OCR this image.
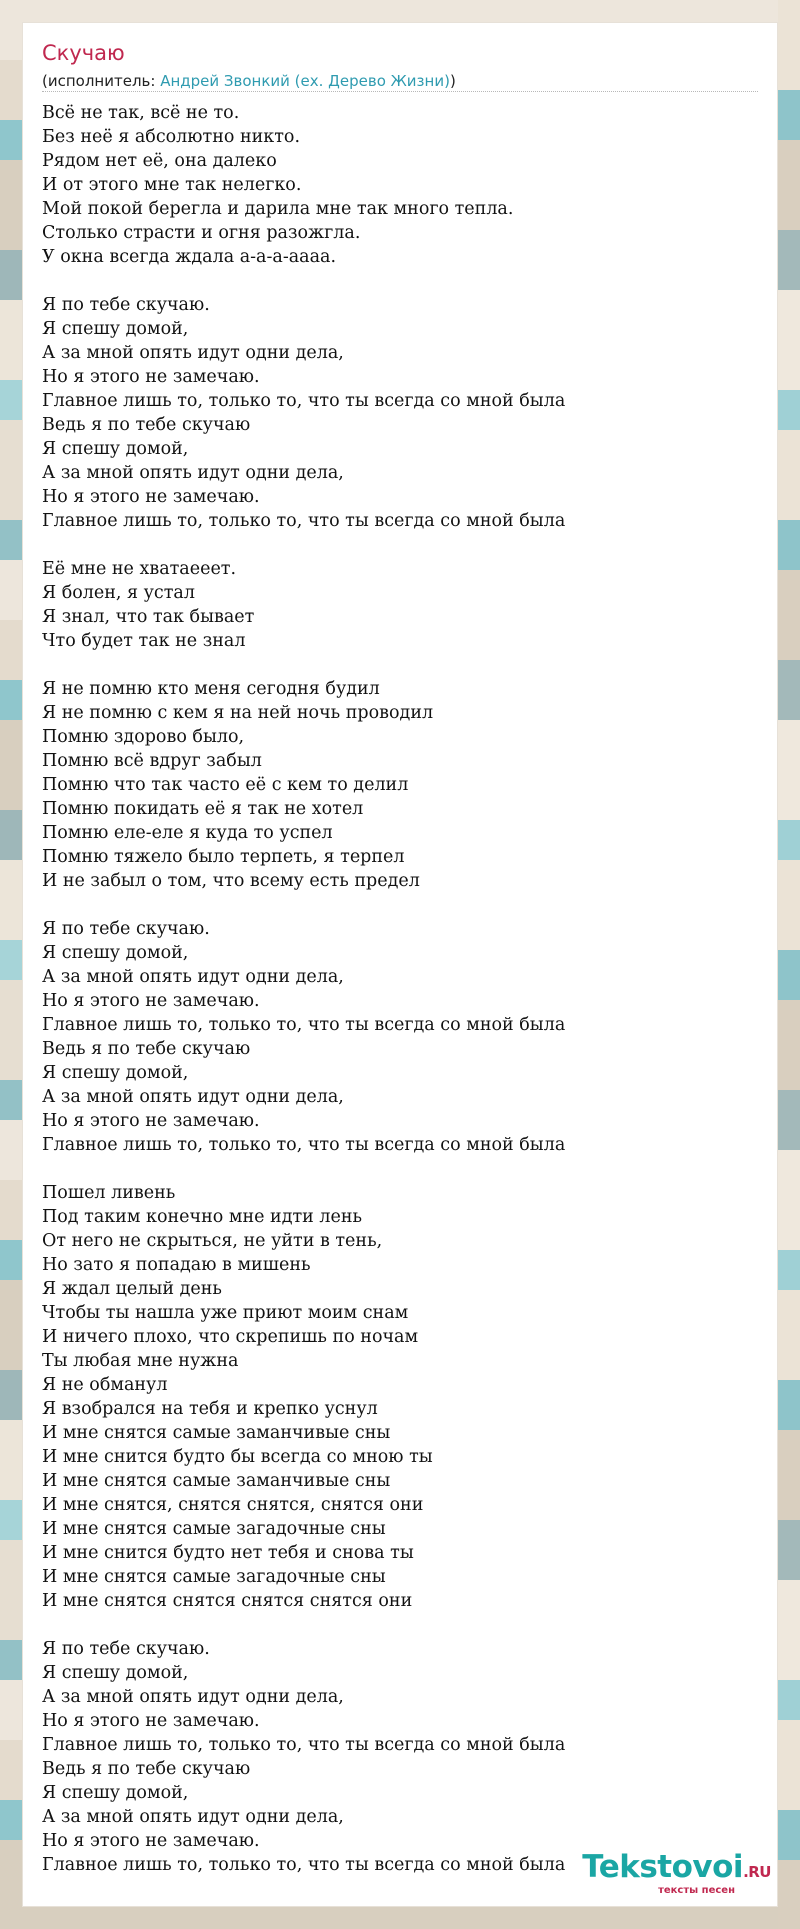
Скучаю
(исполнитель: Андрей Звонкий (ех. Дерево Жизни))
Всё не так, всё не то.
Без неё я абсолютно никто.
Рядом нет её, она далеко
И от этого мне так нелегко.
Мой покой берегла и дарила мне так много тепла.
Столько страсти и огня разожгла.
У окна всегда ждала а-а-а-аааа.
Я по тебе скучаю.
Я спешу домой,
А за мной опять идут одни дела,
Но я этого не замечаю.
Главное лишь то, только то, что ты всегда со мной была
Ведь я по тебе скучаю
Я спешу домой,
А за мной опять идут одни дела,
Но я этого не замечаю.
Главное лишь то, только то, что ты всегда со мной была
Её мне не хватаееет.
Я болен, я устал
Я знал, что так бывает
Что будет так не знал
Я не помню кто меня сегодня будил
Я не помню с кем я на ней ночь проводил
Помню здорово было,
Помню всё вдруг забыл
Помню что так часто её с кем то делил
Помню покидать её я так не хотел
Помню еле-еле я куда то успел
Помню тяжело было терпеть, я терпел
И не забыл о том, что всему есть предел
Я по тебе скучаю.
Я спешу домой,
А за мной опять идут одни дела,
Но я этого не замечаю.
Главное лишь то, только то, что ты всегда со мной была
Ведь я по тебе скучаю
Я спешу домой,
А за мной опять идут одни дела,
Но я этого не замечаю.
Главное лишь то, только то, что ты всегда со мной была
Пошел ливень
Под таким конечно мне идти лень
От него не скрыться, не уйти в тень,
Но зато я попадаю в мишень
Я ждал целый день
Чтобы ты нашла уже приют моим снам
И ничего плохо, что скрепишь по ночам
Ты любая мне нужна
Я не обманул
Я взобрался на тебя и крепко уснул
И мне снятся самые заманчивые сны
И мне снится будто бы всегда со мною ты
И мне снятся самые заманчивые сны
И мне снятся, снятся снятся, снятся они
И мне снятся самые загадочные сны
И мне снится будто нет тебя и снова ты
И мне снятся самые загадочные сны
И мне снятся снятся снятся снятся они
Я по тебе скучаю.
Я спешу домой,
А за мной опять идут одни дела,
Но я этого не замечаю.
Главное лишь то, только то, что ты всегда со мной была
Ведь я по тебе скучаю
Я спешу домой,
А за мной опять идут одни дела,
Но я этого не замечаю.
Главное лишь то, только то, что ты всегда со мной была Tekstovoi.RU
тексты песен
